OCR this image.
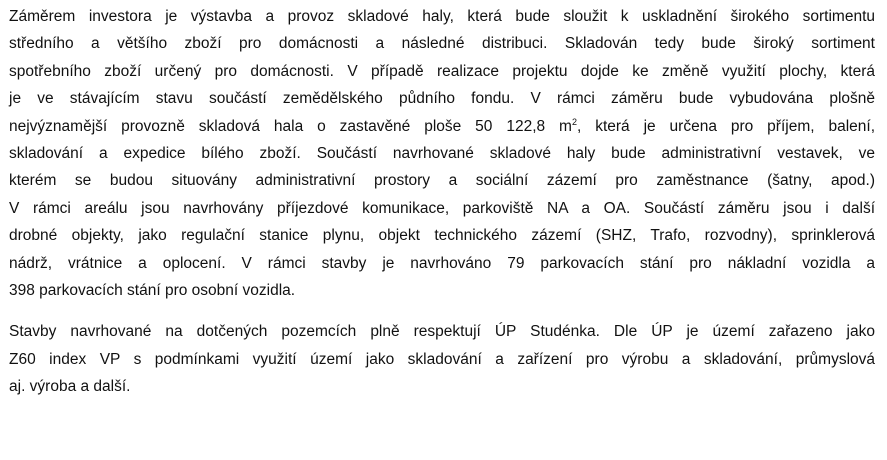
Záměrem investora je výstavba a provoz skladové haly, která bude sloužit k uskladnění širokého sortimentu
středního a většího zboží pro domácnosti a následné distribuci. Skladován tedy bude široký sortiment
spotřebního zboží určený pro domácnosti. V případě realizace projektu dojde ke změně využití plochy, která
je ve stávajícím stavu součástí zemědělského půdního fondu. V rámci záměru bude vybudována plošně
nejvýznamější provozně skladová hala o zastavěné ploše 50 122,8 $m^2$, která je určena pro příjem, balení,
skladování a expedice bílého zboží. Součástí navrhované skladové haly bude administrativní vestavek, ve
kterém se budou situovány administrativní prostory a sociální zázemí pro zaměstnance (šatny, apod.)
V rámci areálu jsou navrhovány příjezdové komunikace, parkoviště NA a OA. Součástí záměru jsou i další
drobné objekty, jako regulační stanice plynu, objekt technického zázemí (SHZ, Trafo, rozvodny), sprinklerová
nádrž, vrátnice a oplocení. V rámci stavby je navrhováno 79 parkovacích stání pro nákladní vozidla a
398 parkovacích stání pro osobní vozidla.
Stavby navrhované na dotčených pozemcích plně respektují ÚP Studénka. Dle ÚP je území zařazeno jako
Z60 index VP s podmínkami využití území jako skladování a zařízení pro výrobu a skladování, průmyslová
aj. výroba a další.
